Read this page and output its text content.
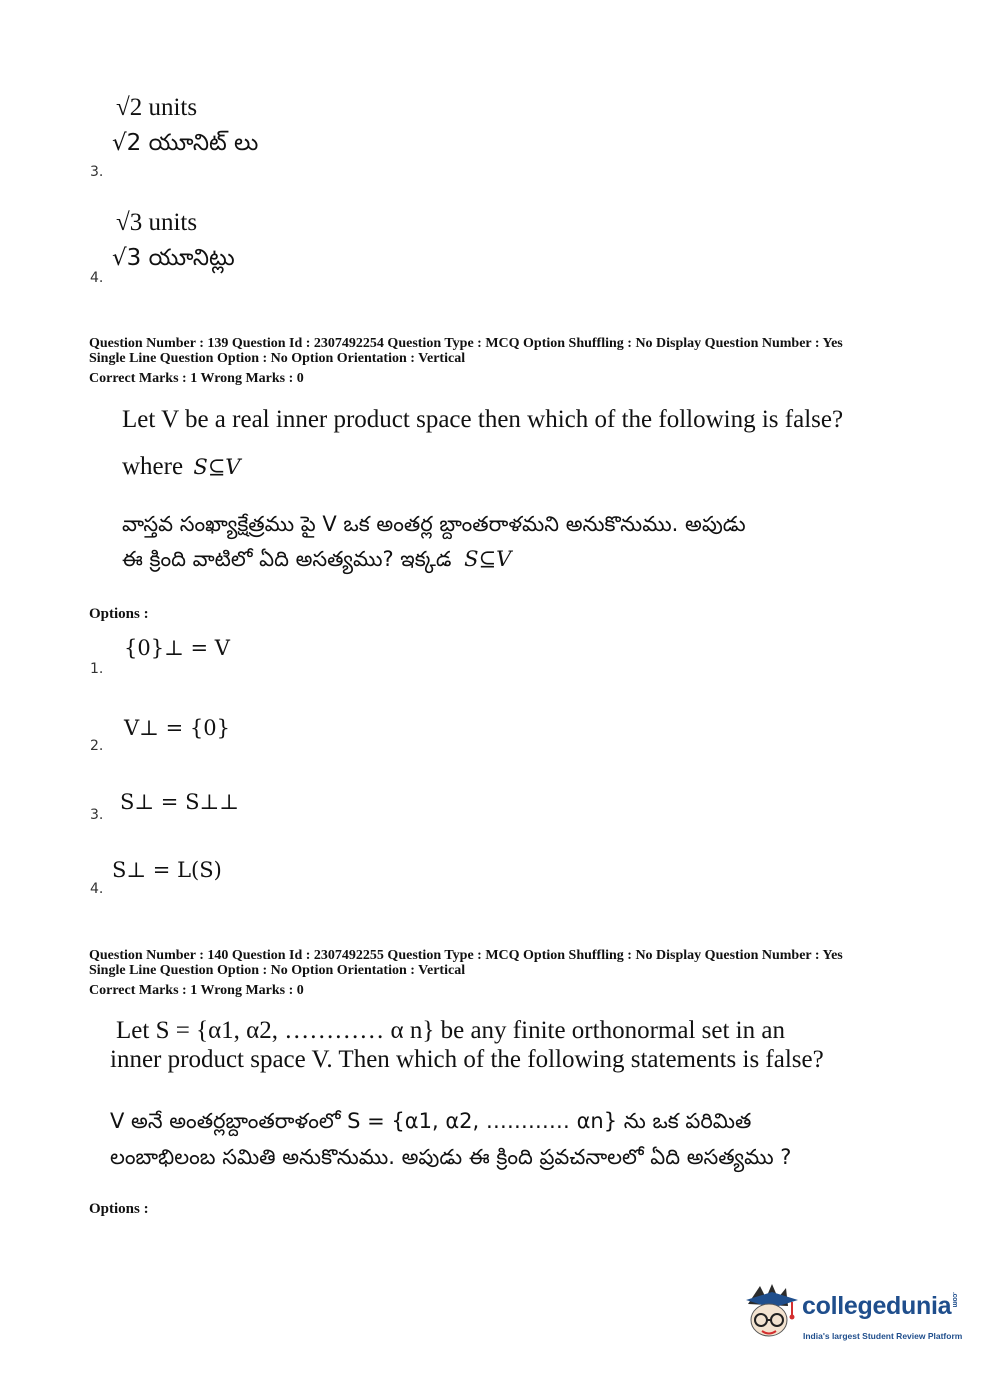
√2 units
√2 యూనిట్ లు
3.
√3 units
√3 యూనిట్లు
4.
Question Number : 139 Question Id : 2307492254 Question Type : MCQ Option Shuffling : No Display Question Number : Yes
Single Line Question Option : No Option Orientation : Vertical
Correct Marks : 1 Wrong Marks : 0
Let V be a real inner product space then which of the following is false?
where S⊆V
వాస్తవ సంఖ్యాక్షేత్రము పై V ఒక అంతర్ల బ్దాంతరాళమని అనుకొనుము. అపుడు
ఈ క్రింది వాటిలో ఏది అసత్యము? ఇక్కడ S⊆V
Options :
{0}⊥ = V
1.
V⊥ = {0}
2.
S⊥ = S⊥⊥
3.
S⊥ = L(S)
4.
Question Number : 140 Question Id : 2307492255 Question Type : MCQ Option Shuffling : No Display Question Number : Yes
Single Line Question Option : No Option Orientation : Vertical
Correct Marks : 1 Wrong Marks : 0
Let S = {α1, α2, ………… α n} be any finite orthonormal set in an
inner product space V. Then which of the following statements is false?
V అనే అంతర్లబ్దాంతరాళంలో S = {α1, α2, ………… αn} ను ఒక పరిమిత
లంబాభిలంబ సమితి అనుకొనుము. అపుడు ఈ క్రింది ప్రవచనాలలో ఏది అసత్యము ?
Options :
collegedunia.com
India's largest Student Review Platform
